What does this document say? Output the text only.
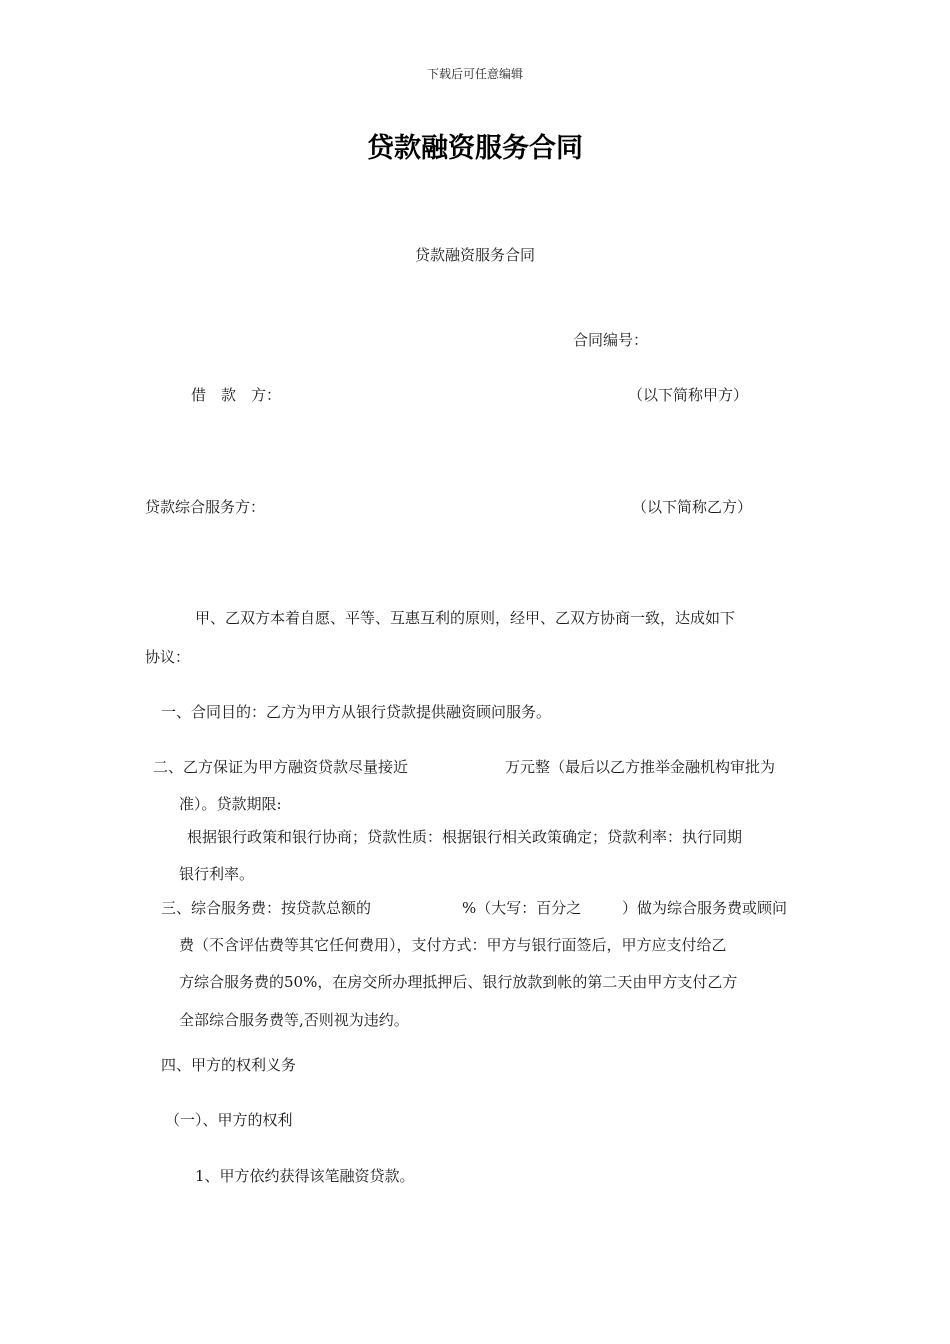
下载后可任意编辑
贷款融资服务合同
贷款融资服务合同
合同编号：
借　款　方：	（以下简称甲方）
贷款综合服务方：	（以下简称乙方）
甲、乙双方本着自愿、平等、互惠互利的原则，经甲、乙双方协商一致，达成如下
协议：
一、合同目的：乙方为甲方从银行贷款提供融资顾问服务。
二、乙方保证为甲方融资贷款尽量接近	万元整（最后以乙方推举金融机构审批为
准）。贷款期限:
根据银行政策和银行协商；贷款性质：根据银行相关政策确定；贷款利率：执行同期
银行利率。
三、综合服务费：按贷款总额的	%（大写：百分之	）做为综合服务费或顾问
费（不含评估费等其它任何费用），支付方式：甲方与银行面签后，甲方应支付给乙
方综合服务费的50%，在房交所办理抵押后、银行放款到帐的第二天由甲方支付乙方
全部综合服务费等,否则视为违约。
四、甲方的权利义务
（一）、甲方的权利
1、甲方依约获得该笔融资贷款。
